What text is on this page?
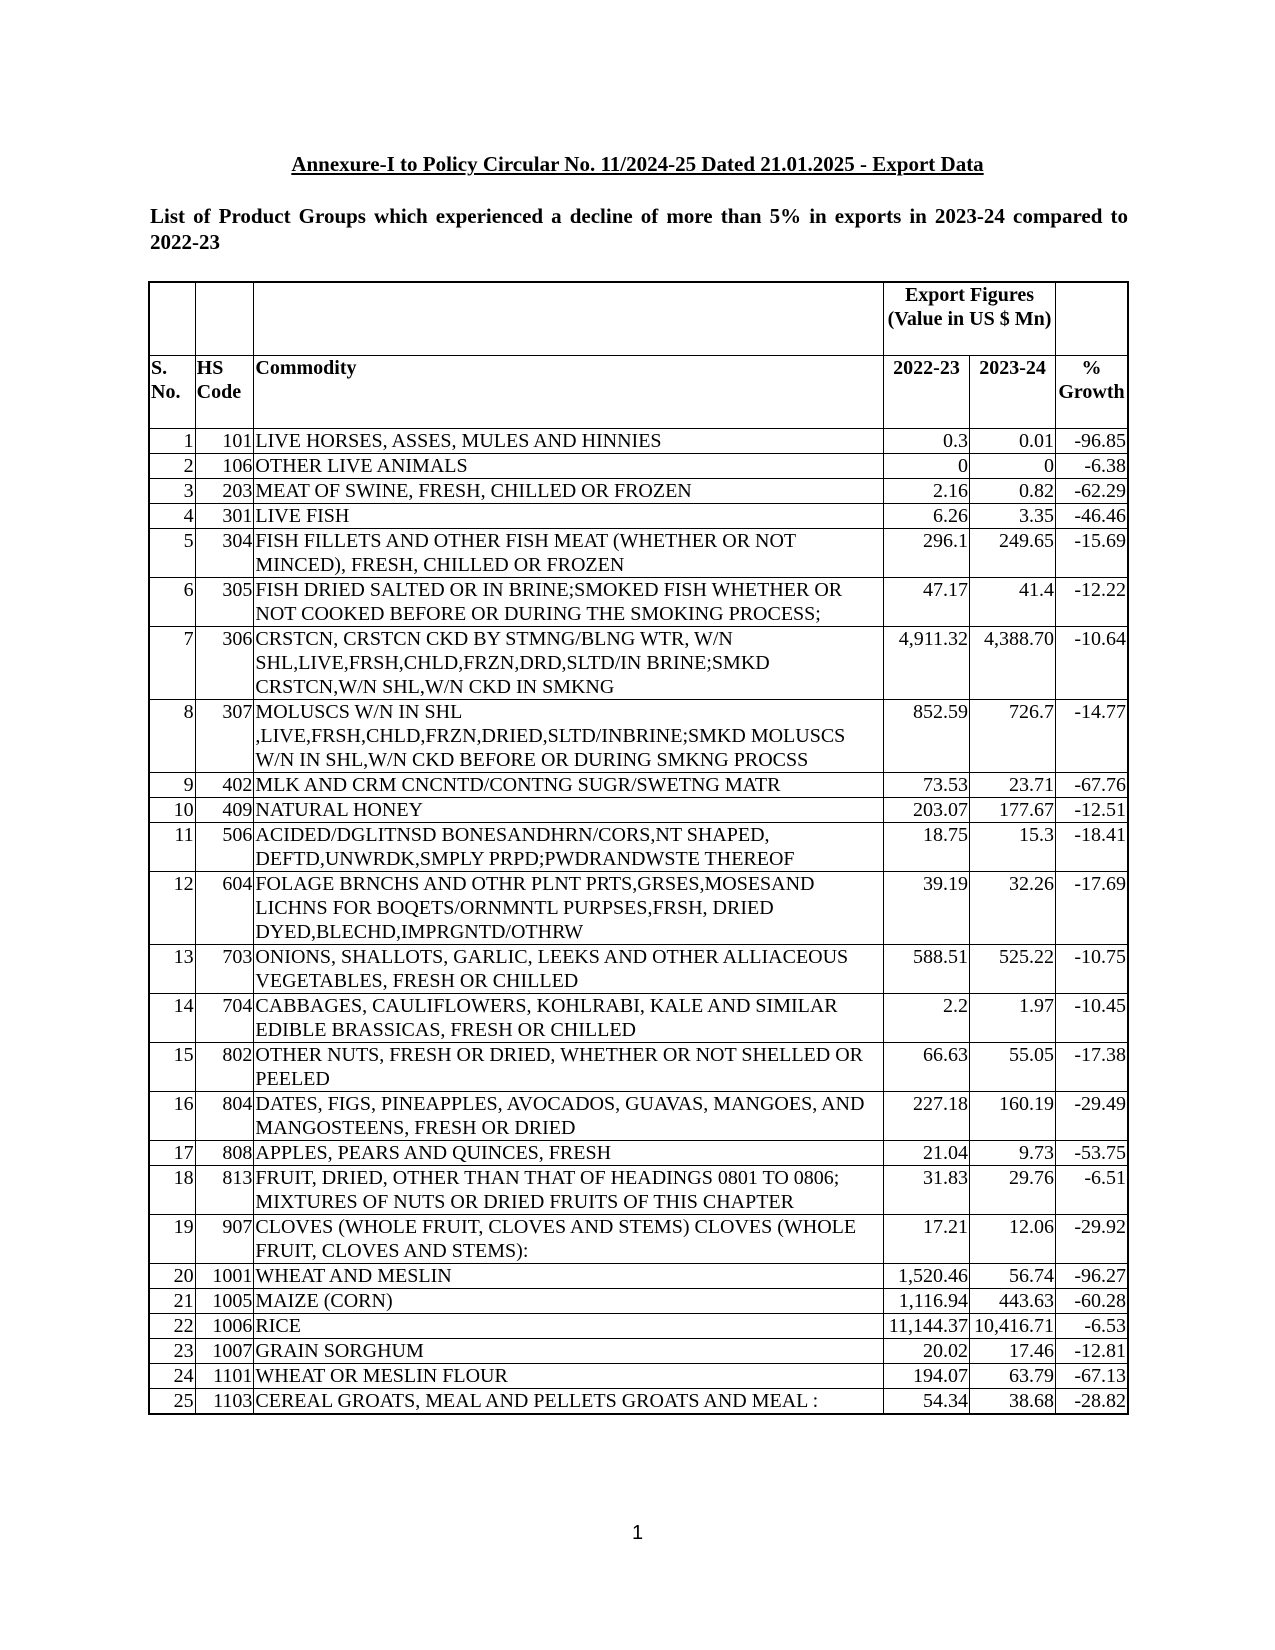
Annexure-I to Policy Circular No. 11/2024-25 Dated 21.01.2025 - Export Data
List of Product Groups which experienced a decline of more than 5% in exports in 2023-24 compared to 2022-23
			Export Figures (Value in US $ Mn)		
S. No.	HS Code	Commodity	2022-23	2023-24	% Growth
1	101	LIVE HORSES, ASSES, MULES AND HINNIES	0.3	0.01	-96.85
2	106	OTHER LIVE ANIMALS	0	0	-6.38
3	203	MEAT OF SWINE, FRESH, CHILLED OR FROZEN	2.16	0.82	-62.29
4	301	LIVE FISH	6.26	3.35	-46.46
5	304	FISH FILLETS AND OTHER FISH MEAT (WHETHER OR NOT MINCED), FRESH, CHILLED OR FROZEN	296.1	249.65	-15.69
6	305	FISH DRIED SALTED OR IN BRINE;SMOKED FISH WHETHER OR NOT COOKED BEFORE OR DURING THE SMOKING PROCESS;	47.17	41.4	-12.22
7	306	CRSTCN, CRSTCN CKD BY STMNG/BLNG WTR, W/N SHL,LIVE,FRSH,CHLD,FRZN,DRD,SLTD/IN BRINE;SMKD CRSTCN,W/N SHL,W/N CKD IN SMKNG	4,911.32	4,388.70	-10.64
8	307	MOLUSCS W/N IN SHL ,LIVE,FRSH,CHLD,FRZN,DRIED,SLTD/INBRINE;SMKD MOLUSCS W/N IN SHL,W/N CKD BEFORE OR DURING SMKNG PROCSS	852.59	726.7	-14.77
9	402	MLK AND CRM CNCNTD/CONTNG SUGR/SWETNG MATR	73.53	23.71	-67.76
10	409	NATURAL HONEY	203.07	177.67	-12.51
11	506	ACIDED/DGLITNSD BONESANDHRN/CORS,NT SHAPED, DEFTD,UNWRDK,SMPLY PRPD;PWDRANDWSTE THEREOF	18.75	15.3	-18.41
12	604	FOLAGE BRNCHS AND OTHR PLNT PRTS,GRSES,MOSESAND LICHNS FOR BOQETS/ORNMNTL PURPSES,FRSH, DRIED DYED,BLECHD,IMPRGNTD/OTHRW	39.19	32.26	-17.69
13	703	ONIONS, SHALLOTS, GARLIC, LEEKS AND OTHER ALLIACEOUS VEGETABLES, FRESH OR CHILLED	588.51	525.22	-10.75
14	704	CABBAGES, CAULIFLOWERS, KOHLRABI, KALE AND SIMILAR EDIBLE BRASSICAS, FRESH OR CHILLED	2.2	1.97	-10.45
15	802	OTHER NUTS, FRESH OR DRIED, WHETHER OR NOT SHELLED OR PEELED	66.63	55.05	-17.38
16	804	DATES, FIGS, PINEAPPLES, AVOCADOS, GUAVAS, MANGOES, AND MANGOSTEENS, FRESH OR DRIED	227.18	160.19	-29.49
17	808	APPLES, PEARS AND QUINCES, FRESH	21.04	9.73	-53.75
18	813	FRUIT, DRIED, OTHER THAN THAT OF HEADINGS 0801 TO 0806; MIXTURES OF NUTS OR DRIED FRUITS OF THIS CHAPTER	31.83	29.76	-6.51
19	907	CLOVES (WHOLE FRUIT, CLOVES AND STEMS) CLOVES (WHOLE FRUIT, CLOVES AND STEMS):	17.21	12.06	-29.92
20	1001	WHEAT AND MESLIN	1,520.46	56.74	-96.27
21	1005	MAIZE (CORN)	1,116.94	443.63	-60.28
22	1006	RICE	11,144.37	10,416.71	-6.53
23	1007	GRAIN SORGHUM	20.02	17.46	-12.81
24	1101	WHEAT OR MESLIN FLOUR	194.07	63.79	-67.13
25	1103	CEREAL GROATS, MEAL AND PELLETS GROATS AND MEAL :	54.34	38.68	-28.82
1
